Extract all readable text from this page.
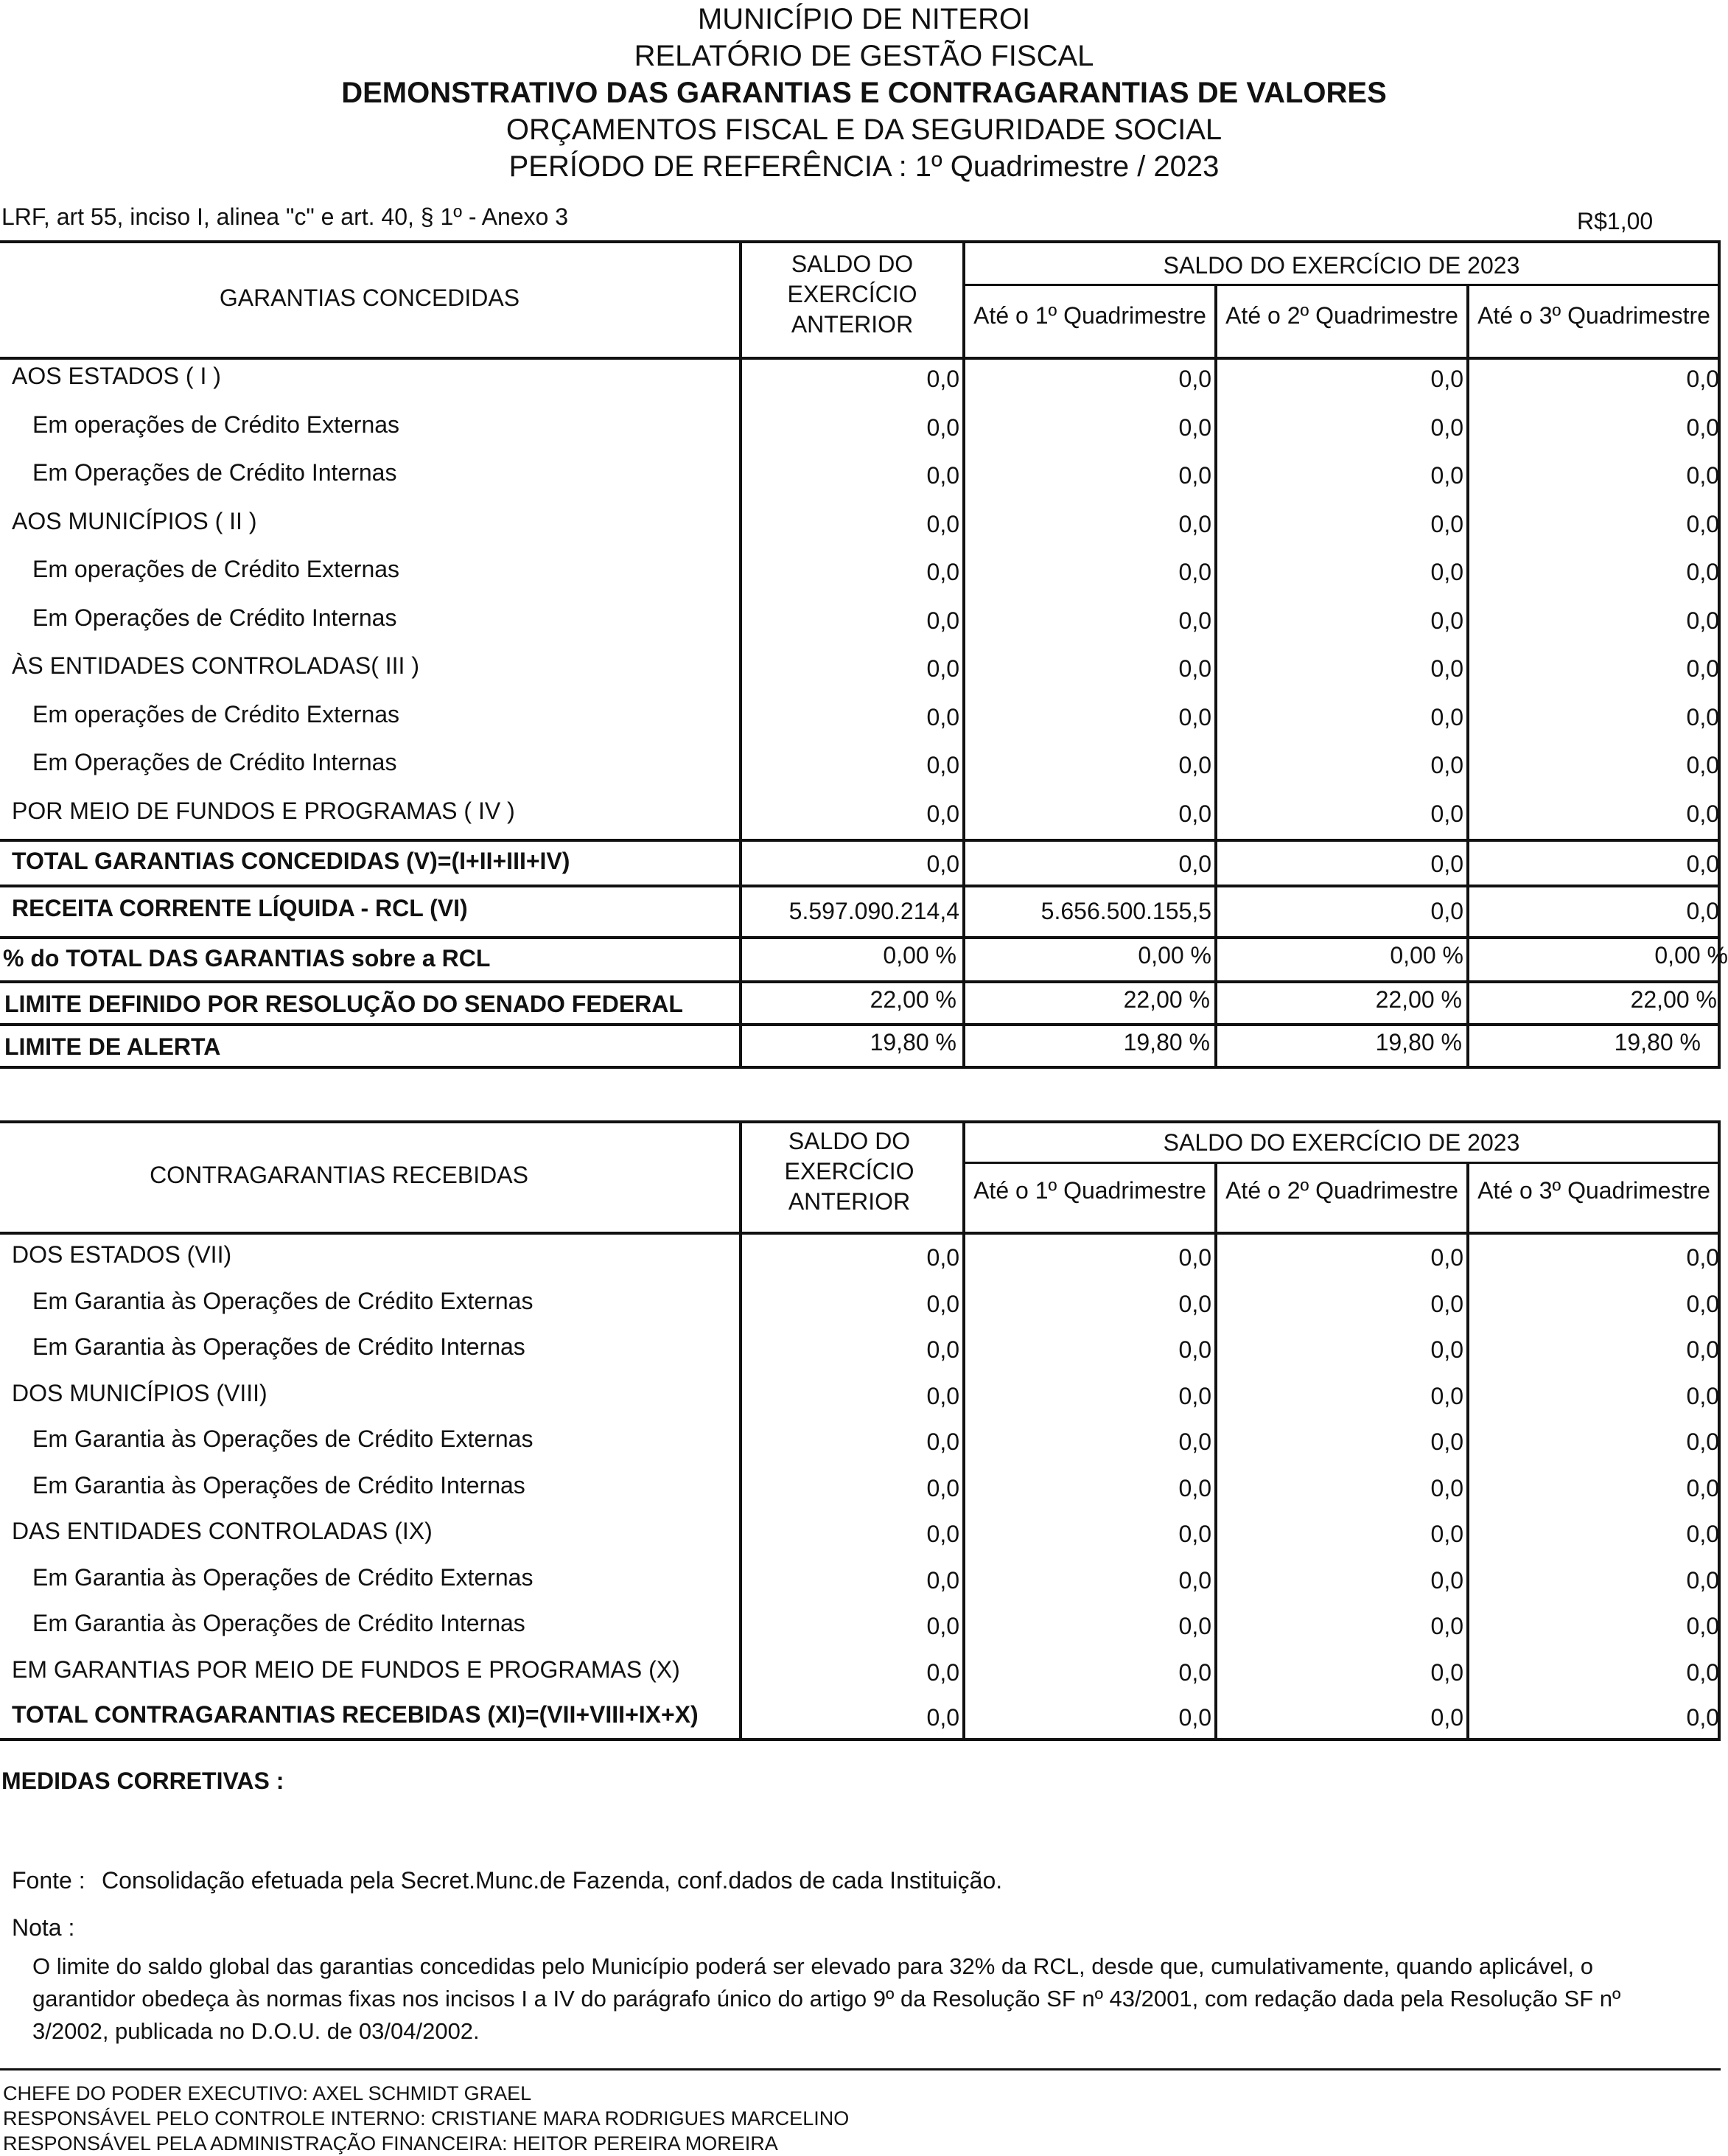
MUNICÍPIO DE NITEROI
RELATÓRIO DE GESTÃO FISCAL
DEMONSTRATIVO DAS GARANTIAS E CONTRAGARANTIAS DE VALORES
ORÇAMENTOS FISCAL E DA SEGURIDADE SOCIAL
PERÍODO DE REFERÊNCIA : 1º Quadrimestre / 2023
LRF, art 55, inciso I, alinea "c" e art. 40, § 1º - Anexo 3	R$1,00
GARANTIAS CONCEDIDAS
SALDO DO EXERCÍCIO ANTERIOR
SALDO DO EXERCÍCIO DE 2023
Até o 1º Quadrimestre Até o 2º Quadrimestre Até o 3º Quadrimestre
AOS ESTADOS ( I )	0,0	0,0	0,0	0,0
Em operações de Crédito Externas	0,0	0,0	0,0	0,0
Em Operações de Crédito Internas	0,0	0,0	0,0	0,0
AOS MUNICÍPIOS ( II )	0,0	0,0	0,0	0,0
Em operações de Crédito Externas	0,0	0,0	0,0	0,0
Em Operações de Crédito Internas	0,0	0,0	0,0	0,0
ÀS ENTIDADES CONTROLADAS( III )	0,0	0,0	0,0	0,0
Em operações de Crédito Externas	0,0	0,0	0,0	0,0
Em Operações de Crédito Internas	0,0	0,0	0,0	0,0
POR MEIO DE FUNDOS E PROGRAMAS ( IV )	0,0	0,0	0,0	0,0
TOTAL GARANTIAS CONCEDIDAS (V)=(I+II+III+IV)	0,0	0,0	0,0	0,0
RECEITA CORRENTE LÍQUIDA - RCL (VI)	5.597.090.214,4	5.656.500.155,5	0,0	0,0
% do TOTAL DAS GARANTIAS sobre a RCL	0,00 %	0,00 %	0,00 %	0,00 %
LIMITE DEFINIDO POR RESOLUÇÃO DO SENADO FEDERAL	22,00 %	22,00 %	22,00 %	22,00 %
LIMITE DE ALERTA	19,80 %	19,80 %	19,80 %	19,80 %
CONTRAGARANTIAS RECEBIDAS
SALDO DO EXERCÍCIO ANTERIOR
SALDO DO EXERCÍCIO DE 2023
Até o 1º Quadrimestre Até o 2º Quadrimestre Até o 3º Quadrimestre
DOS ESTADOS (VII)	0,0	0,0	0,0	0,0
Em Garantia às Operações de Crédito Externas	0,0	0,0	0,0	0,0
Em Garantia às Operações de Crédito Internas	0,0	0,0	0,0	0,0
DOS MUNICÍPIOS (VIII)	0,0	0,0	0,0	0,0
Em Garantia às Operações de Crédito Externas	0,0	0,0	0,0	0,0
Em Garantia às Operações de Crédito Internas	0,0	0,0	0,0	0,0
DAS ENTIDADES CONTROLADAS (IX)	0,0	0,0	0,0	0,0
Em Garantia às Operações de Crédito Externas	0,0	0,0	0,0	0,0
Em Garantia às Operações de Crédito Internas	0,0	0,0	0,0	0,0
EM GARANTIAS POR MEIO DE FUNDOS E PROGRAMAS (X)	0,0	0,0	0,0	0,0
TOTAL CONTRAGARANTIAS RECEBIDAS (XI)=(VII+VIII+IX+X)	0,0	0,0	0,0	0,0
MEDIDAS CORRETIVAS :
Fonte : Consolidação efetuada pela Secret.Munc.de Fazenda, conf.dados de cada Instituição.
Nota :
O limite do saldo global das garantias concedidas pelo Município poderá ser elevado para 32% da RCL, desde que, cumulativamente, quando aplicável, o garantidor obedeça às normas fixas nos incisos I a IV do parágrafo único do artigo 9º da Resolução SF nº 43/2001, com redação dada pela Resolução SF nº 3/2002, publicada no D.O.U. de 03/04/2002.
CHEFE DO PODER EXECUTIVO: AXEL SCHMIDT GRAEL
RESPONSÁVEL PELO CONTROLE INTERNO: CRISTIANE MARA RODRIGUES MARCELINO
RESPONSÁVEL PELA ADMINISTRAÇÃO FINANCEIRA: HEITOR PEREIRA MOREIRA
